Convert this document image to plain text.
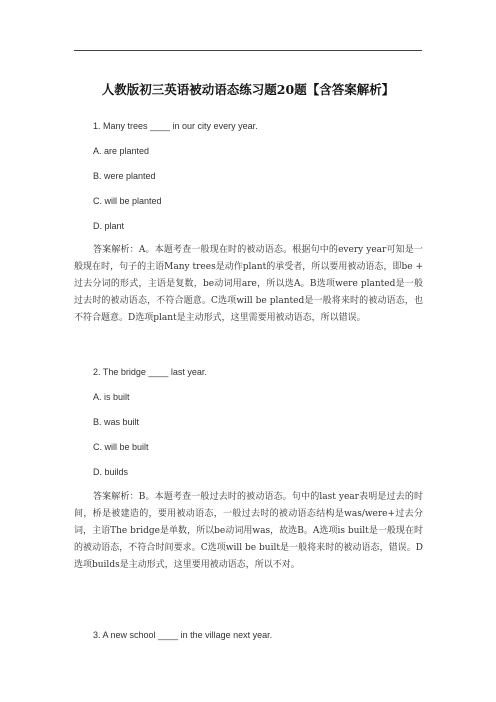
人教版初三英语被动语态练习题20题【含答案解析】
1. Many trees ____ in our city every year.
A. are planted
B. were planted
C. will be planted
D. plant
答案解析：A。本题考查一般现在时的被动语态。根据句中的every year可知是一般现在时，句子的主语Many trees是动作plant的承受者，所以要用被动语态，即be + 过去分词的形式，主语是复数，be动词用are，所以选A。B选项were planted是一般过去时的被动语态，不符合题意。C选项will be planted是一般将来时的被动语态，也不符合题意。D选项plant是主动形式，这里需要用被动语态，所以错误。
2. The bridge ____ last year.
A. is built
B. was built
C. will be built
D. builds
答案解析：B。本题考查一般过去时的被动语态。句中的last year表明是过去的时间，桥是被建造的，要用被动语态，一般过去时的被动语态结构是was/were+过去分词，主语The bridge是单数，所以be动词用was，故选B。A选项is built是一般现在时的被动语态，不符合时间要求。C选项will be built是一般将来时的被动语态，错误。D选项builds是主动形式，这里要用被动语态，所以不对。
3. A new school ____ in the village next year.
